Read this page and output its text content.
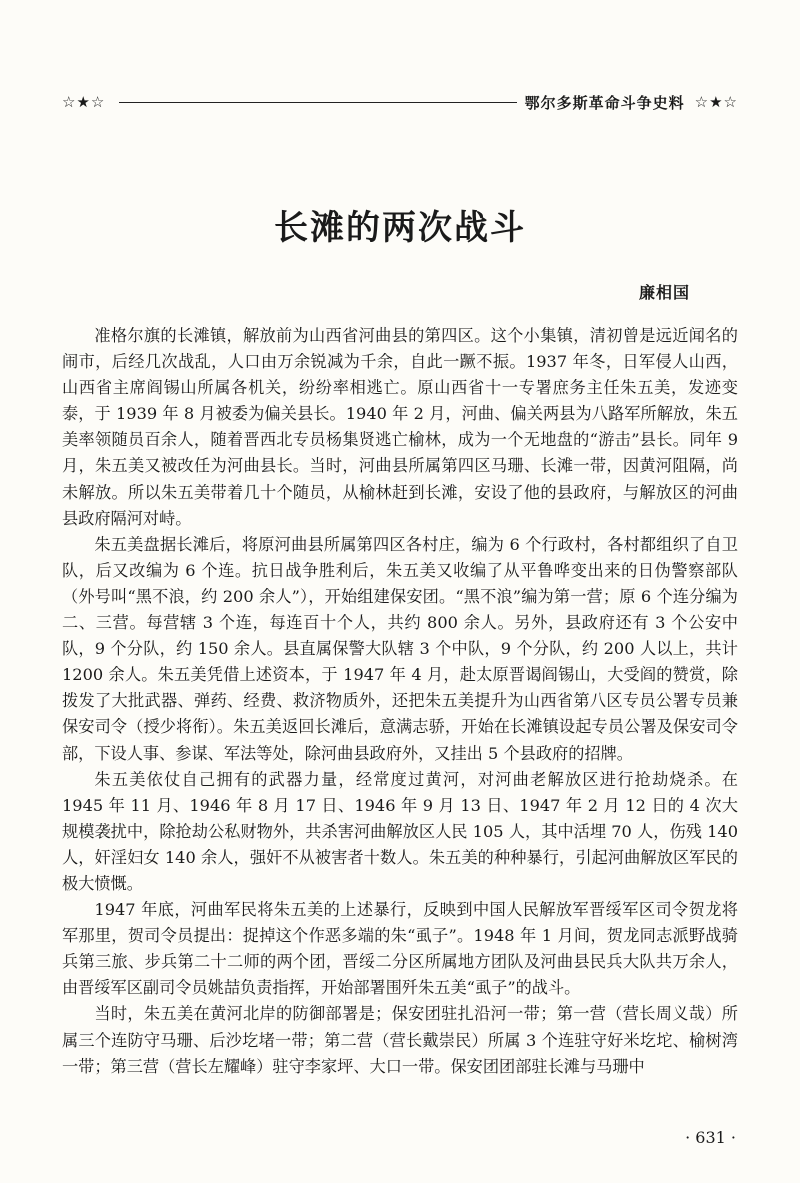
☆★☆	鄂尔多斯革命斗争史料 ☆★☆
长滩的两次战斗
廉相国

准格尔旗的长滩镇，解放前为山西省河曲县的第四区。这个小集镇，清初曾是远近闻名的闹市，后经几次战乱，人口由万余锐减为千余，自此一蹶不振。1937 年冬，日军侵人山西，山西省主席阎锡山所属各机关，纷纷率相逃亡。原山西省十一专署庶务主任朱五美，发迹变泰，于 1939 年 8 月被委为偏关县长。1940 年 2 月，河曲、偏关两县为八路军所解放，朱五美率领随员百余人，随着晋西北专员杨集贤逃亡榆林，成为一个无地盘的“游击”县长。同年 9 月，朱五美又被改任为河曲县长。当时，河曲县所属第四区马珊、长滩一带，因黄河阻隔，尚未解放。所以朱五美带着几十个随员，从榆林赶到长滩，安设了他的县政府，与解放区的河曲县政府隔河对峙。

朱五美盘据长滩后，将原河曲县所属第四区各村庄，编为 6 个行政村，各村都组织了自卫队，后又改编为 6 个连。抗日战争胜利后，朱五美又收编了从平鲁哗变出来的日伪警察部队（外号叫“黑不浪，约 200 余人”），开始组建保安团。“黑不浪”编为第一营；原 6 个连分编为二、三营。每营辖 3 个连，每连百十个人，共约 800 余人。另外，县政府还有 3 个公安中队，9 个分队，约 150 余人。县直属保警大队辖 3 个中队，9 个分队，约 200 人以上，共计 1200 余人。朱五美凭借上述资本，于 1947 年 4 月，赴太原晋谒阎锡山，大受阎的赞赏，除拨发了大批武器、弹药、经费、救济物质外，还把朱五美提升为山西省第八区专员公署专员兼保安司令（授少将衔）。朱五美返回长滩后，意满志骄，开始在长滩镇设起专员公署及保安司令部，下设人事、参谋、军法等处，除河曲县政府外，又挂出 5 个县政府的招牌。

朱五美依仗自己拥有的武器力量，经常度过黄河，对河曲老解放区进行抢劫烧杀。在 1945 年 11 月、1946 年 8 月 17 日、1946 年 9 月 13 日、1947 年 2 月 12 日的 4 次大规模袭扰中，除抢劫公私财物外，共杀害河曲解放区人民 105 人，其中活埋 70 人，伤残 140 人，奸淫妇女 140 余人，强奸不从被害者十数人。朱五美的种种暴行，引起河曲解放区军民的极大愤慨。

1947 年底，河曲军民将朱五美的上述暴行，反映到中国人民解放军晋绥军区司令贺龙将军那里，贺司令员提出：捉掉这个作恶多端的朱“虱子”。1948 年 1 月间，贺龙同志派野战骑兵第三旅、步兵第二十二师的两个团，晋绥二分区所属地方团队及河曲县民兵大队共万余人，由晋绥军区副司令员姚喆负责指挥，开始部署围歼朱五美“虱子”的战斗。

当时，朱五美在黄河北岸的防御部署是；保安团驻扎沿河一带；第一营（营长周义哉）所属三个连防守马珊、后沙圪堵一带；第二营（营长戴崇民）所属 3 个连驻守好米圪坨、榆树湾一带；第三营（营长左耀峰）驻守李家坪、大口一带。保安团团部驻长滩与马珊中

· 631 ·
